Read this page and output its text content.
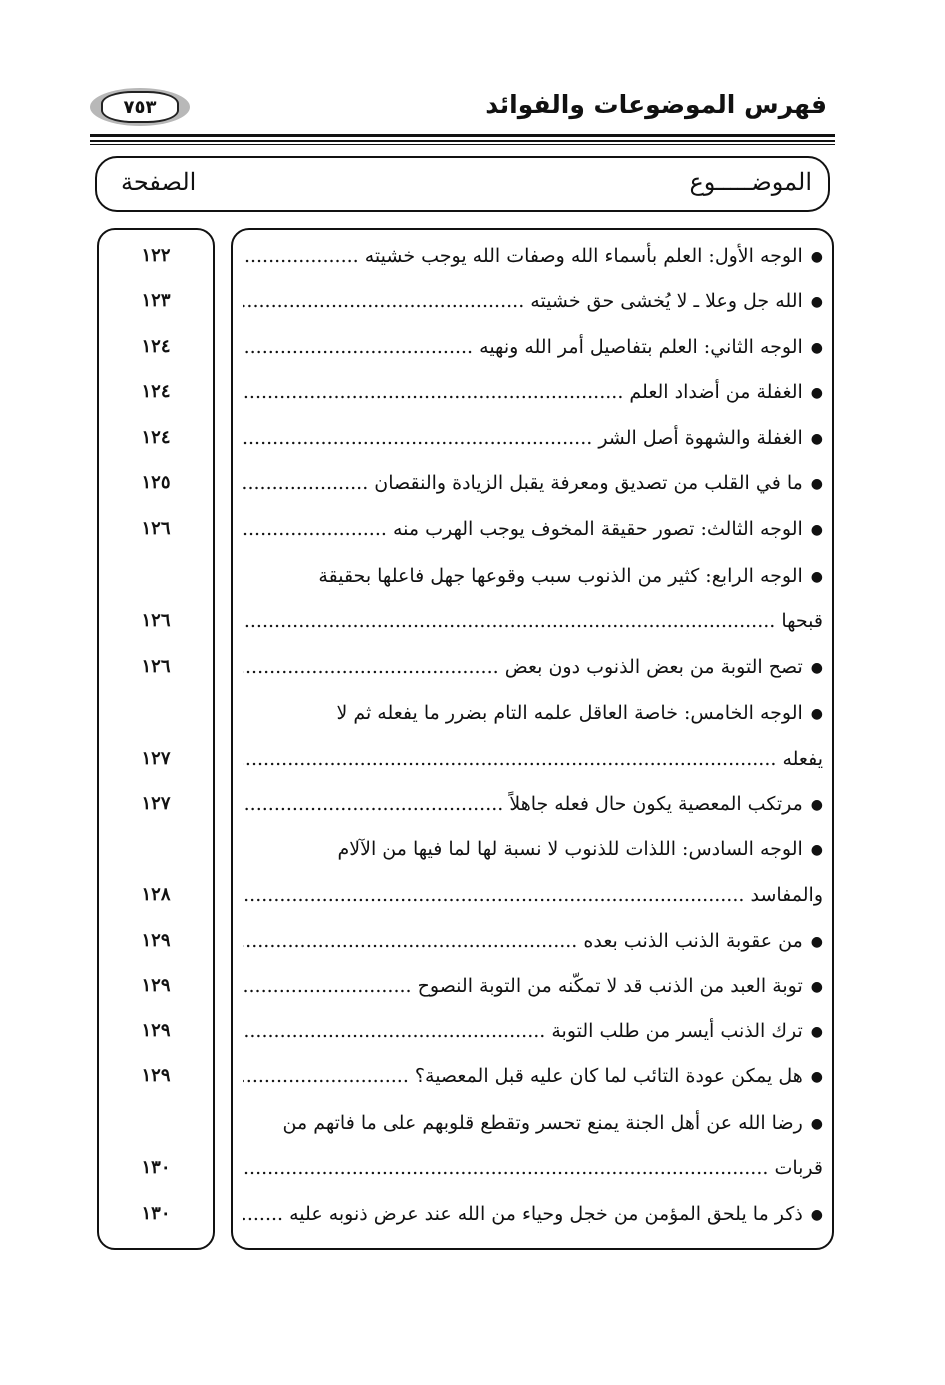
٧٥٣	فهرس الموضوعات والفوائد
الموضـــــوع
الصفحة
●الوجه الأول: العلم بأسماء الله وصفات الله يوجب خشيته .....
١٢٢
●الله جل وعلا ـ لا يُخشى حق خشيته .....
١٢٣
●الوجه الثاني: العلم بتفاصيل أمر الله ونهيه .....
١٢٤
●الغفلة من أضداد العلم .....
١٢٤
●الغفلة والشهوة أصل الشر .....
١٢٤
●ما في القلب من تصديق ومعرفة يقبل الزيادة والنقصان .....
١٢٥
●الوجه الثالث: تصور حقيقة المخوف يوجب الهرب منه .....
١٢٦
●الوجه الرابع: كثير من الذنوب سبب وقوعها جهل فاعلها بحقيقة
قبحها .....
١٢٦
●تصح التوبة من بعض الذنوب دون بعض .....
١٢٦
●الوجه الخامس: خاصة العاقل علمه التام بضرر ما يفعله ثم لا
يفعله .....
١٢٧
●مرتكب المعصية يكون حال فعله جاهلاً .....
١٢٧
●الوجه السادس: اللذات للذنوب لا نسبة لها لما فيها من الآلام
والمفاسد .....
١٢٨
●من عقوبة الذنب الذنب بعده .....
١٢٩
●توبة العبد من الذنب قد لا تمكّنه من التوبة النصوح .....
١٢٩
●ترك الذنب أيسر من طلب التوبة .....
١٢٩
●هل يمكن عودة التائب لما كان عليه قبل المعصية؟ .....
١٢٩
●رضا الله عن أهل الجنة يمنع تحسر وتقطع قلوبهم على ما فاتهم من
قربات .....
١٣٠
●ذكر ما يلحق المؤمن من خجل وحياء من الله عند عرض ذنوبه عليه .....
١٣٠
